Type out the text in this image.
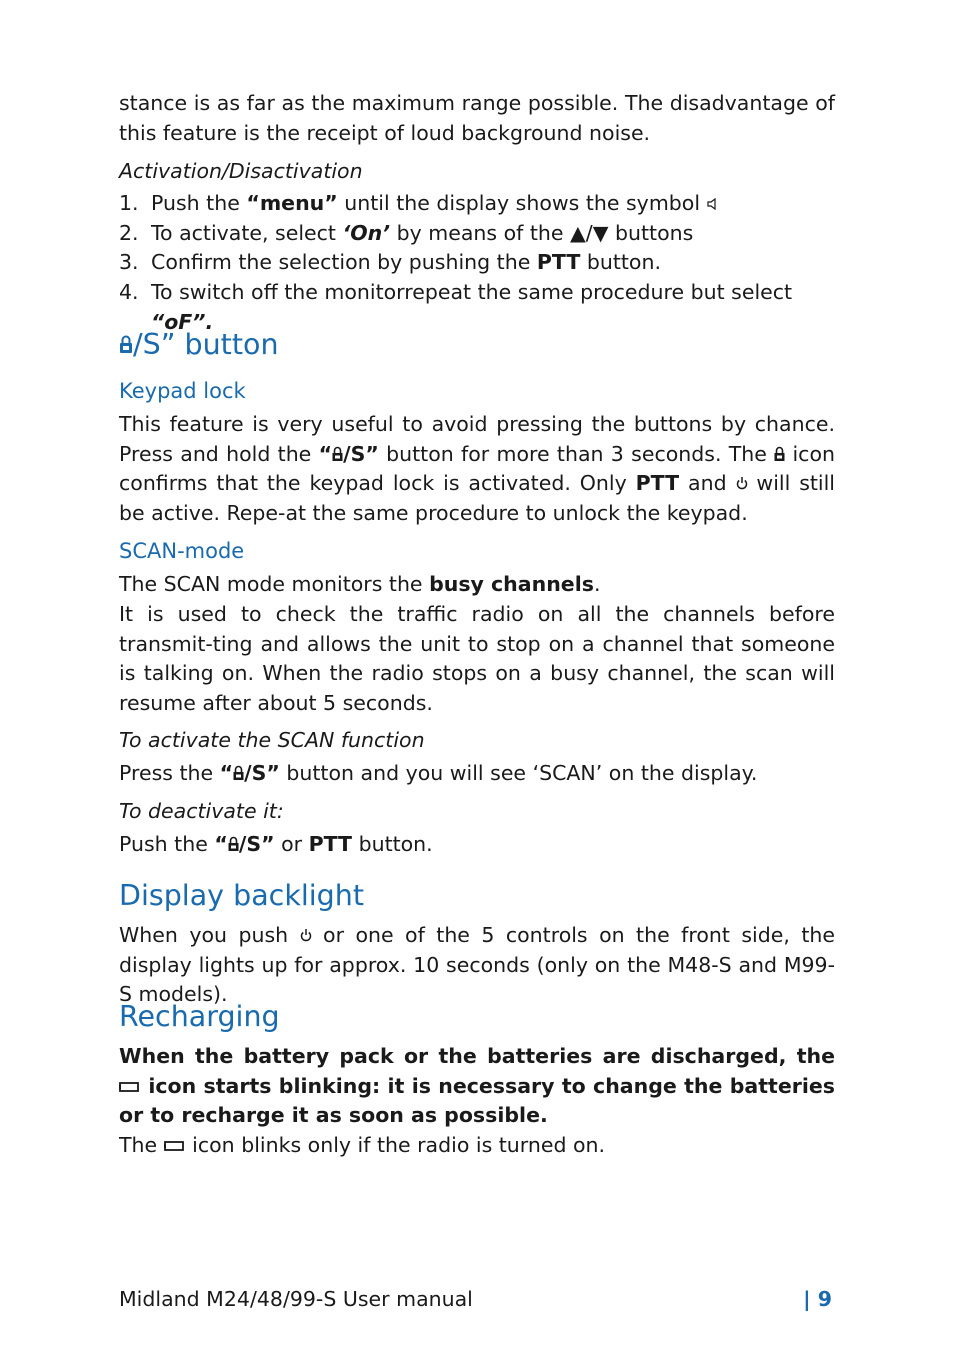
stance is as far as the maximum range possible. The disadvantage of this feature is the receipt of loud background noise.

Activation/Disactivation

1. Push the “menu” until the display shows the symbol
2. To activate, select ‘On’ by means of the ▲/▼ buttons
3. Confirm the selection by pushing the PTT button.
4. To switch off the monitorrepeat the same procedure but select “oF”.
/S” button
Keypad lock

This feature is very useful to avoid pressing the buttons by chance. Press and hold the “ /S” button for more than 3 seconds. The
icon confirms that the keypad lock is activated. Only PTT and
will still be active. Repe-at the same procedure to unlock the keypad.

SCAN-mode

The SCAN mode monitors the busy channels.

It is used to check the traffic radio on all the channels before transmit-ting and allows the unit to stop on a channel that someone is talking on. When the radio stops on a busy channel, the scan will resume after about 5 seconds.

To activate the SCAN function

Press the “ /S” button and you will see ‘SCAN’ on the display.

To deactivate it:

Push the “ /S” or PTT button.

Display backlight

When you push
or one of the 5 controls on the front side, the display lights up for approx. 10 seconds (only on the M48-S and M99-S models).

Recharging

When the battery pack or the batteries are discharged, the
icon starts blinking: it is necessary to change the batteries or to recharge it as soon as possible.

The
icon blinks only if the radio is turned on.

Midland M24/48/99-S User manual	| 9
